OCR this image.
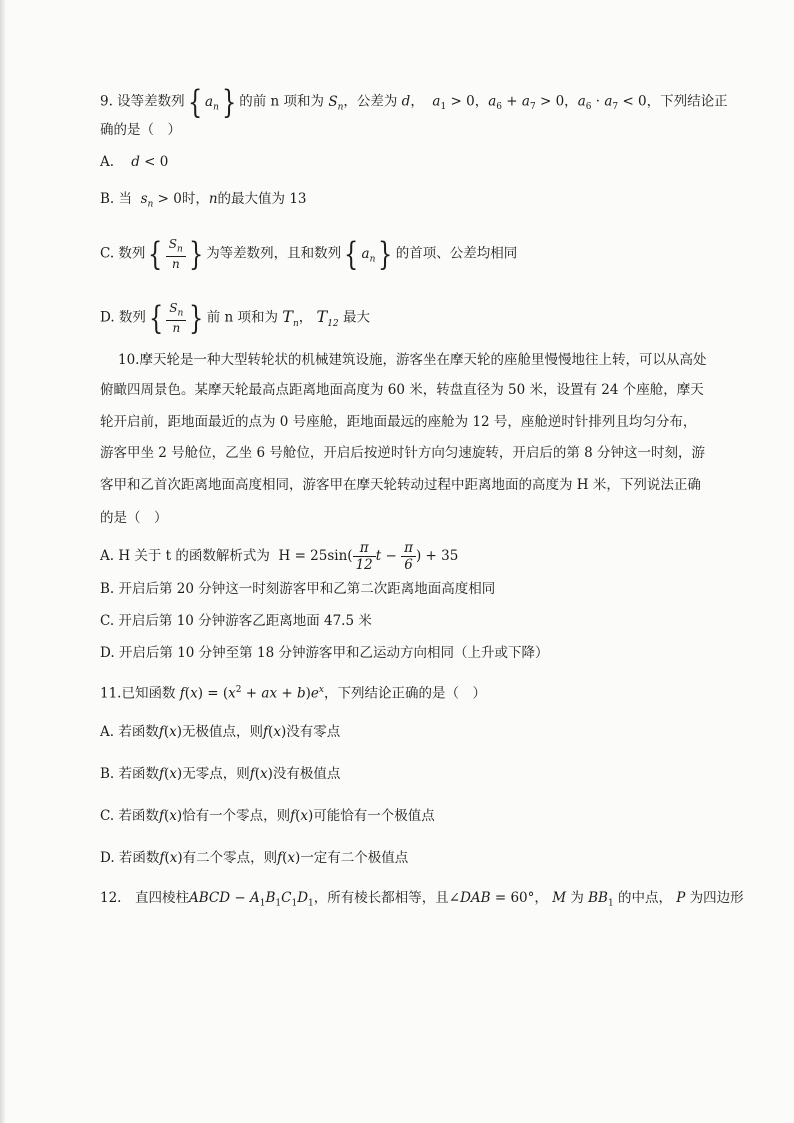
9. 设等差数列{ $a_n$} 的前 n 项和为 $S_n$，公差为 d，  $a_1 > 0$，$a_6 + a_7 > 0$，$a_6 \cdot a_7 < 0$，下列结论正
确的是（　）
A.    d < 0
B. 当 $s_n > 0$时，n的最大值为 13
C. 数列{ $\frac{S_n}{n}$ } 为等差数列，且和数列{ $a_n$} 的首项、公差均相同
D. 数列{ $\frac{S_n}{n}$ } 前 n 项和为 $T_n$， $T_{12}$ 最大
10.摩天轮是一种大型转轮状的机械建筑设施，游客坐在摩天轮的座舱里慢慢地往上转，可以从高处
俯瞰四周景色。某摩天轮最高点距离地面高度为 60 米，转盘直径为 50 米，设置有 24 个座舱，摩天
轮开启前，距地面最近的点为 0 号座舱，距地面最远的座舱为 12 号，座舱逆时针排列且均匀分布，
游客甲坐 2 号舱位，乙坐 6 号舱位，开启后按逆时针方向匀速旋转，开启后的第 8 分钟这一时刻，游
客甲和乙首次距离地面高度相同，游客甲在摩天轮转动过程中距离地面的高度为 H 米，下列说法正确
的是（　）
A. H 关于 t 的函数解析式为 $H = 25\sin( \frac{\pi}{12}$ $t - \frac{\pi}{6}$ ) + 35
B. 开启后第 20 分钟这一时刻游客甲和乙第二次距离地面高度相同
C. 开启后第 10 分钟游客乙距离地面 47.5 米
D. 开启后第 10 分钟至第 18 分钟游客甲和乙运动方向相同（上升或下降）
11.已知函数 $f(x) = (x^2$ + ax + $b)e^x$，下列结论正确的是（　）
A. 若函数f(x)无极值点，则f(x)没有零点
B. 若函数f(x)无零点，则f(x)没有极值点
C. 若函数f(x)恰有一个零点，则f(x)可能恰有一个极值点
D. 若函数f(x)有二个零点，则f(x)一定有二个极值点
12.　直四棱柱ABCD − $A_1B_1C_1D_1$，所有棱长都相等，且∠DAB = 60°， M 为 $BB_1$ 的中点， P 为四边形
